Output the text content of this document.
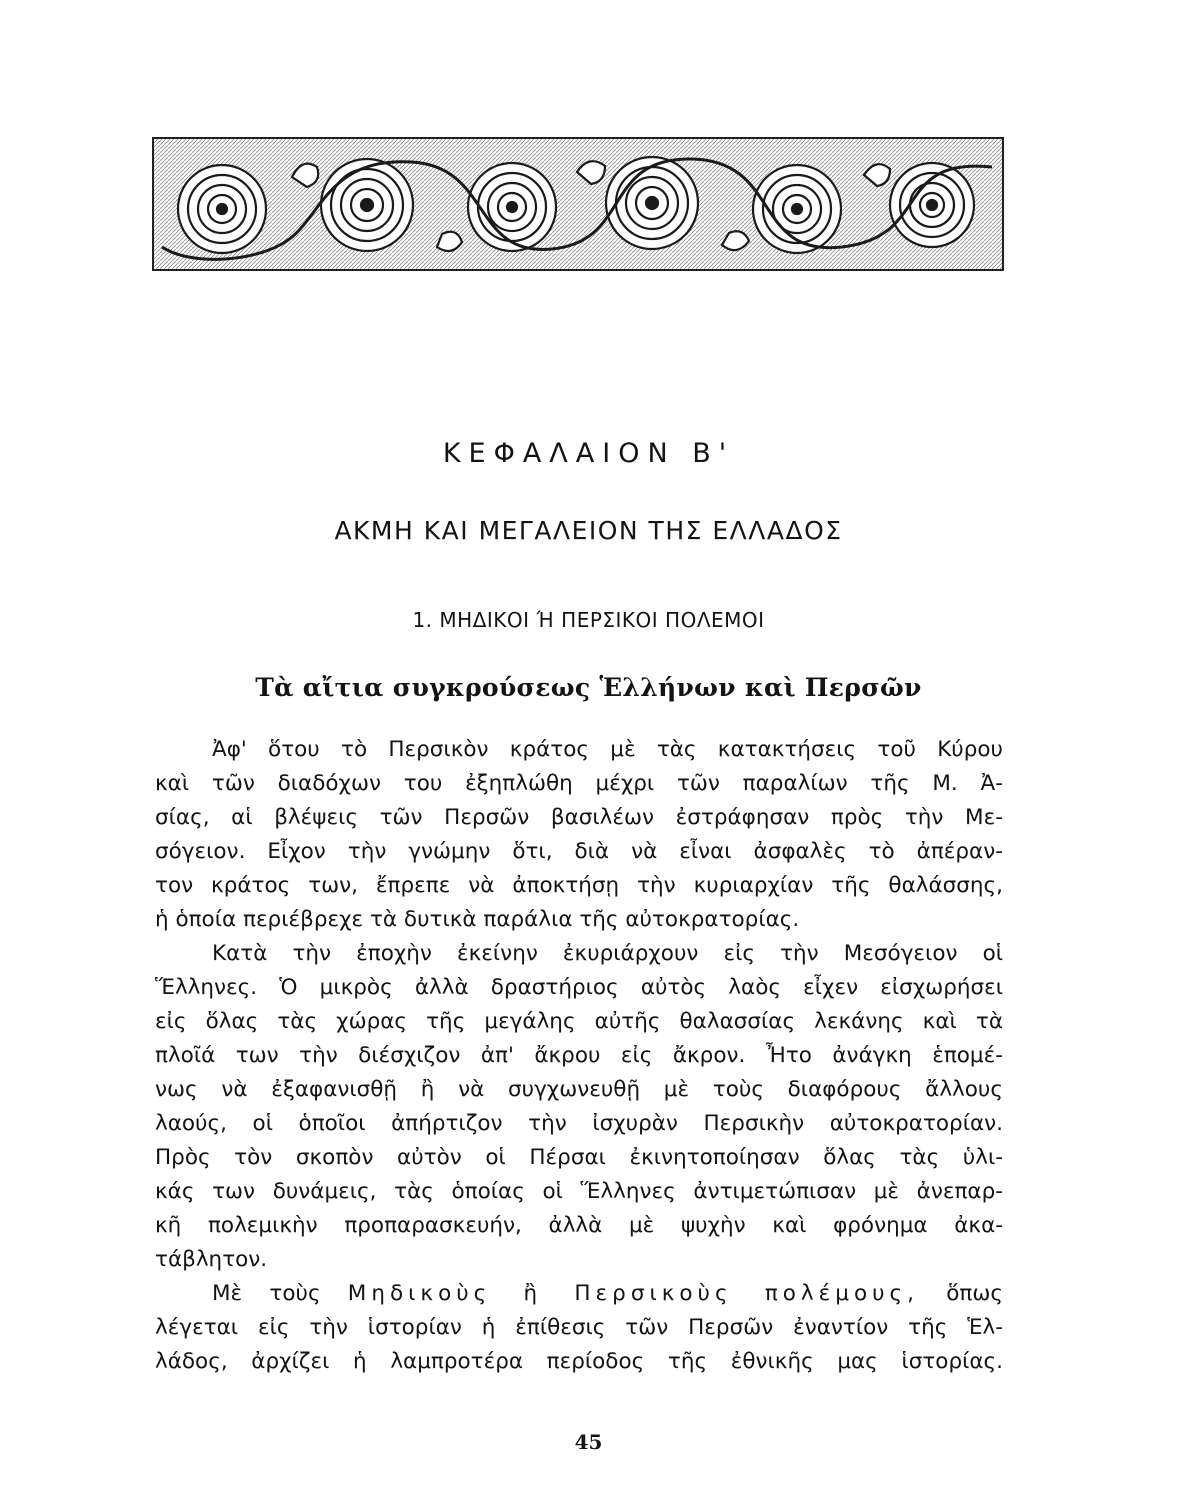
ΚΕΦΑΛΑΙΟΝ Β'
ΑΚΜΗ ΚΑΙ ΜΕΓΑΛΕΙΟΝ ΤΗΣ ΕΛΛΑΔΟΣ
1. ΜΗΔΙΚΟΙ Ή ΠΕΡΣΙΚΟΙ ΠΟΛΕΜΟΙ
Τὰ αἴτια συγκρούσεως Ἑλλήνων καὶ Περσῶν
Ἀφ' ὅτου τὸ Περσικὸν κράτος μὲ τὰς κατακτήσεις τοῦ Κύρου
καὶ τῶν διαδόχων του ἐξηπλώθη μέχρι τῶν παραλίων τῆς Μ. Ἀ-
σίας, αἱ βλέψεις τῶν Περσῶν βασιλέων ἐστράφησαν πρὸς τὴν Με-
σόγειον. Εἶχον τὴν γνώμην ὅτι, διὰ νὰ εἶναι ἀσφαλὲς τὸ ἀπέραν-
τον κράτος των, ἔπρεπε νὰ ἀποκτήσῃ τὴν κυριαρχίαν τῆς θαλάσσης,
ἡ ὁποία περιέβρεχε τὰ δυτικὰ παράλια τῆς αὐτοκρατορίας.
Κατὰ τὴν ἐποχὴν ἐκείνην ἐκυριάρχουν εἰς τὴν Μεσόγειον οἱ
Ἕλληνες. Ὁ μικρὸς ἀλλὰ δραστήριος αὐτὸς λαὸς εἶχεν εἰσχωρήσει
εἰς ὅλας τὰς χώρας τῆς μεγάλης αὐτῆς θαλασσίας λεκάνης καὶ τὰ
πλοῖά των τὴν διέσχιζον ἀπ' ἄκρου εἰς ἄκρον. Ἦτο ἀνάγκη ἑπομέ-
νως νὰ ἐξαφανισθῇ ἢ νὰ συγχωνευθῇ μὲ τοὺς διαφόρους ἄλλους
λαούς, οἱ ὁποῖοι ἀπήρτιζον τὴν ἰσχυρὰν Περσικὴν αὐτοκρατορίαν.
Πρὸς τὸν σκοπὸν αὐτὸν οἱ Πέρσαι ἐκινητοποίησαν ὅλας τὰς ὑλι-
κάς των δυνάμεις, τὰς ὁποίας οἱ Ἕλληνες ἀντιμετώπισαν μὲ ἀνεπαρ-
κῆ πολεμικὴν προπαρασκευήν, ἀλλὰ μὲ ψυχὴν καὶ φρόνημα ἀκα-
τάβλητον.
Μὲ τοὺς Μηδικοὺς ἢ Περσικοὺς πολέμους, ὅπως
λέγεται εἰς τὴν ἱστορίαν ἡ ἐπίθεσις τῶν Περσῶν ἐναντίον τῆς Ἑλ-
λάδος, ἀρχίζει ἡ λαμπροτέρα περίοδος τῆς ἐθνικῆς μας ἱστορίας.
45
